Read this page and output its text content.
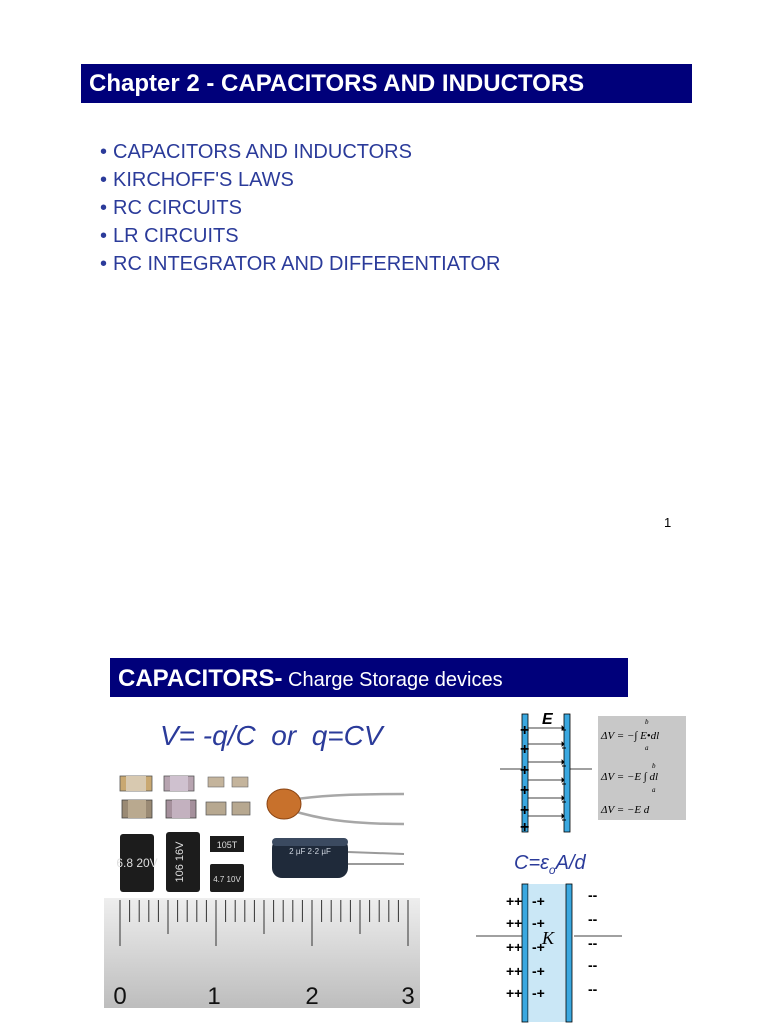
Chapter 2 - CAPACITORS AND INDUCTORS
• CAPACITORS AND INDUCTORS
• KIRCHOFF'S LAWS
• RC CIRCUITS
• LR CIRCUITS
• RC INTEGRATOR AND DIFFERENTIATOR
1
CAPACITORS- Charge Storage devices
V= -q/C  or  q=CV
6.8 20V 106 16V	105T
4.7 10V
2 µF 2·2 µF
0	1	2	3
+
+
+
+
+
+
E	b
a
b
a
ΔV = −∫ E•dl
ΔV = −E ∫ dl
ΔV = −E d
$C=\varepsilon_oA/d$
++ -+
++ -+
++ -+
++ -+
++ -+
--
--
--
--
--
K
